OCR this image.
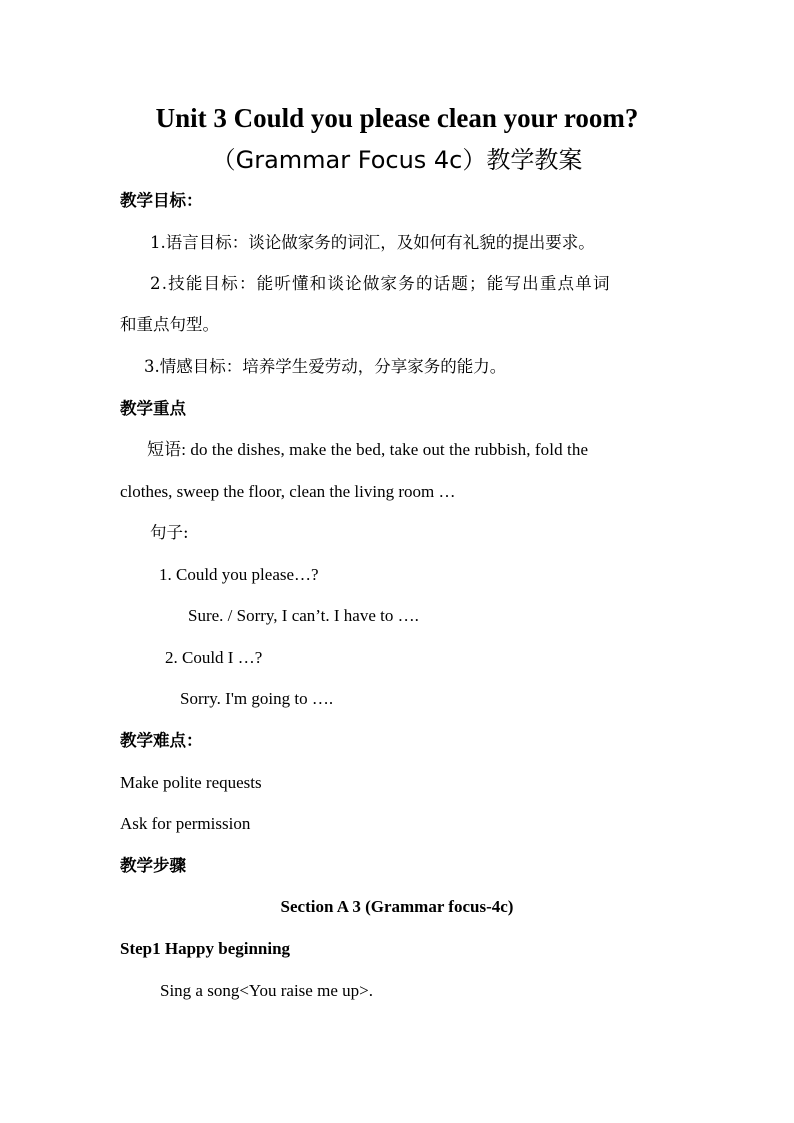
Unit 3 Could you please clean your room?
（Grammar Focus 4c）教学教案
教学目标：
1.语言目标：谈论做家务的词汇，及如何有礼貌的提出要求。
2.技能目标：能听懂和谈论做家务的话题；能写出重点单词
和重点句型。
3.情感目标：培养学生爱劳动，分享家务的能力。
教学重点
短语: do the dishes, make the bed, take out the rubbish, fold the
clothes, sweep the floor, clean the living room …
句子:
1. Could you please…?
Sure. / Sorry, I can’t. I have to ….
2. Could I …?
Sorry. I'm going to ….
教学难点：
Make polite requests
Ask for permission
教学步骤
Section A 3 (Grammar focus-4c)
Step1 Happy beginning
Sing a song<You raise me up>.
